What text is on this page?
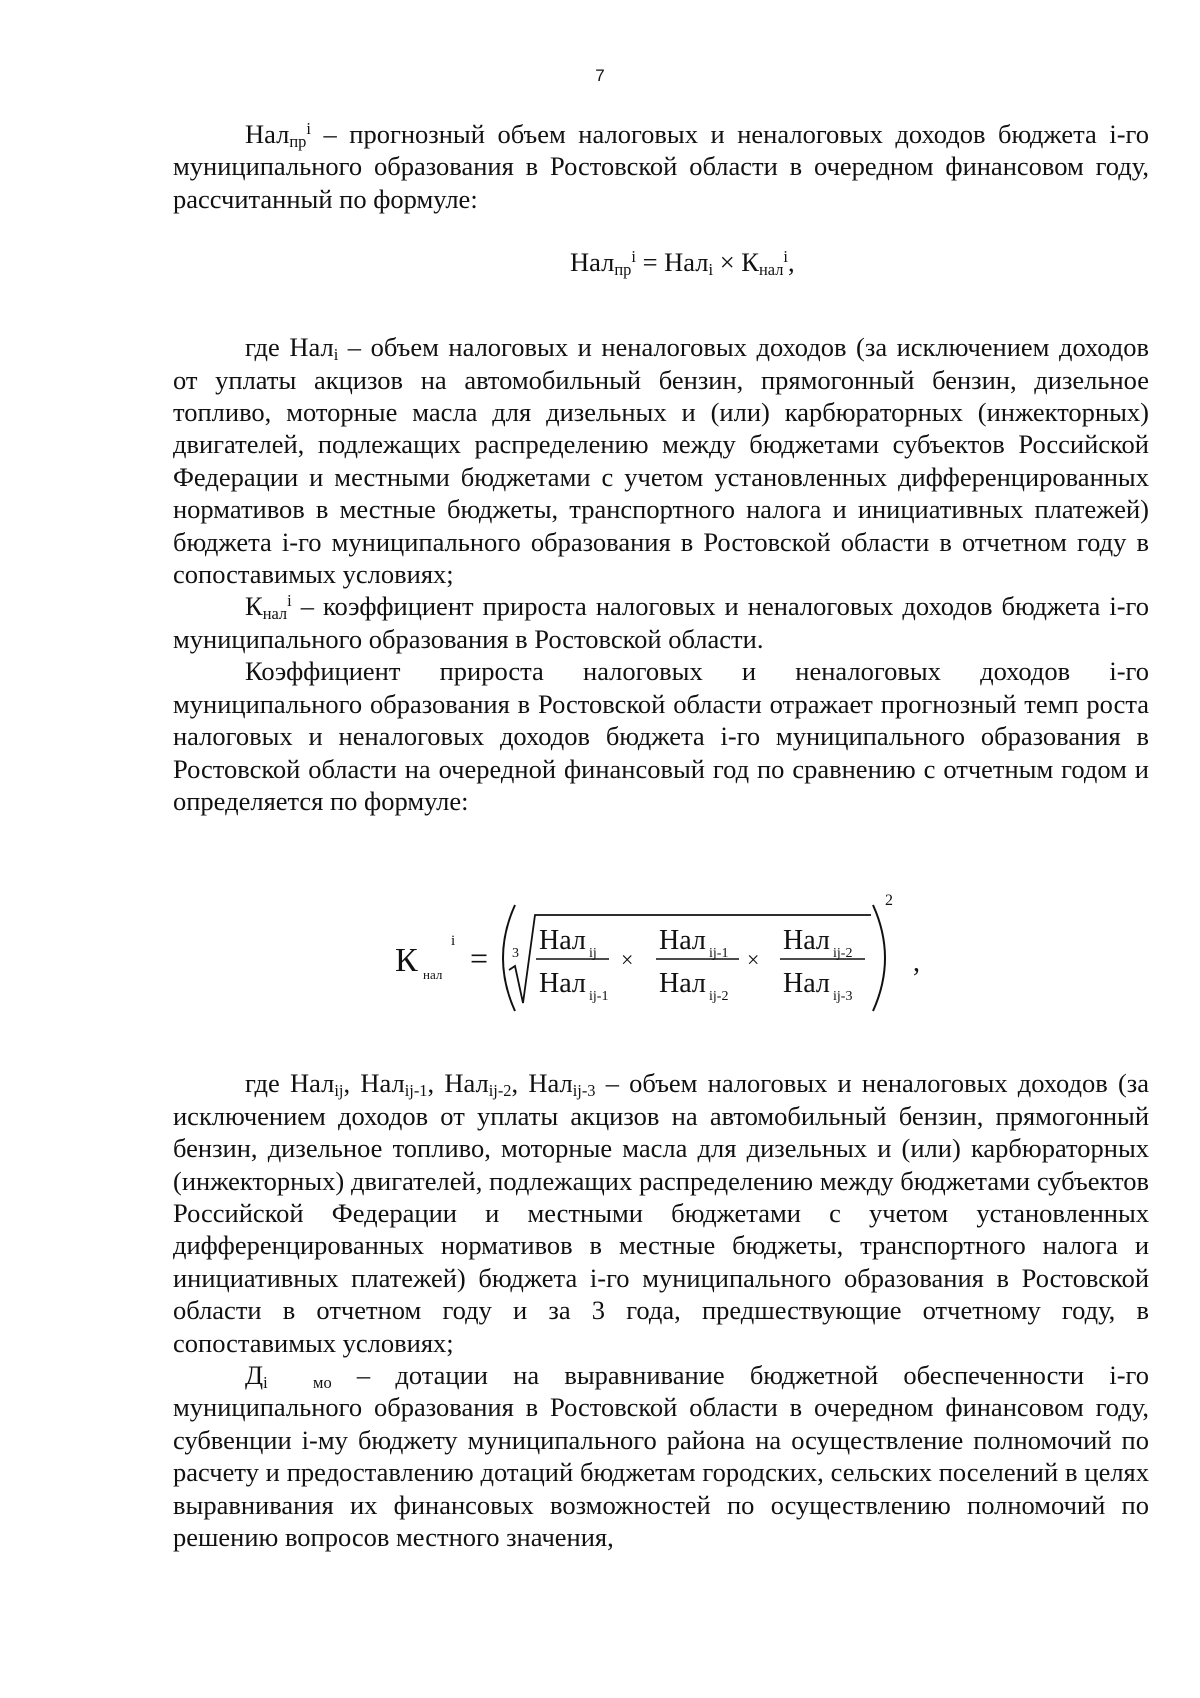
7

Нал$_{пр}^i$ – прогнозный объем налоговых и неналоговых доходов бюджета i-го муниципального образования в Ростовской области в очередном финансовом году, рассчитанный по формуле:

$Нал_{пр}^i = Нал_i \times К_{нал}^i$,

где Нал$_i$ – объем налоговых и неналоговых доходов (за исключением доходов от уплаты акцизов на автомобильный бензин, прямогонный бензин, дизельное топливо, моторные масла для дизельных и (или) карбюраторных (инжекторных) двигателей, подлежащих распределению между бюджетами субъектов Российской Федерации и местными бюджетами с учетом установленных дифференцированных нормативов в местные бюджеты, транспортного налога и инициативных платежей) бюджета i-го муниципального образования в Ростовской области в отчетном году в сопоставимых условиях;

$К_{нал}^i$ – коэффициент прироста налоговых и неналоговых доходов бюджета i-го муниципального образования в Ростовской области.

Коэффициент прироста налоговых и неналоговых доходов i-го муниципального образования в Ростовской области отражает прогнозный темп роста налоговых и неналоговых доходов бюджета i-го муниципального образования в Ростовской области на очередной финансовый год по сравнению с отчетным годом и определяется по формуле:

К нал
i =
2
3 Нал ij
Нал ij-1
×
Нал ij-1
Нал ij-2
×
Нал ij-2
Нал ij-3
,

где Нал$_{ij}$, Нал$_{ij-1}$, Нал$_{ij-2}$, Нал$_{ij-3}$ – объем налоговых и неналоговых доходов (за исключением доходов от уплаты акцизов на автомобильный бензин, прямогонный бензин, дизельное топливо, моторные масла для дизельных и (или) карбюраторных (инжекторных) двигателей, подлежащих распределению между бюджетами субъектов Российской Федерации и местными бюджетами с учетом установленных дифференцированных нормативов в местные бюджеты, транспортного налога и инициативных платежей) бюджета i-го муниципального образования в Ростовской области в отчетном году и за 3 года, предшествующие отчетному году, в сопоставимых условиях;

$Д_{i мо}$ – дотации на выравнивание бюджетной обеспеченности i-го муниципального образования в Ростовской области в очередном финансовом году, субвенции i-му бюджету муниципального района на осуществление полномочий по расчету и предоставлению дотаций бюджетам городских, сельских поселений в целях выравнивания их финансовых возможностей по осуществлению полномочий по решению вопросов местного значения,
